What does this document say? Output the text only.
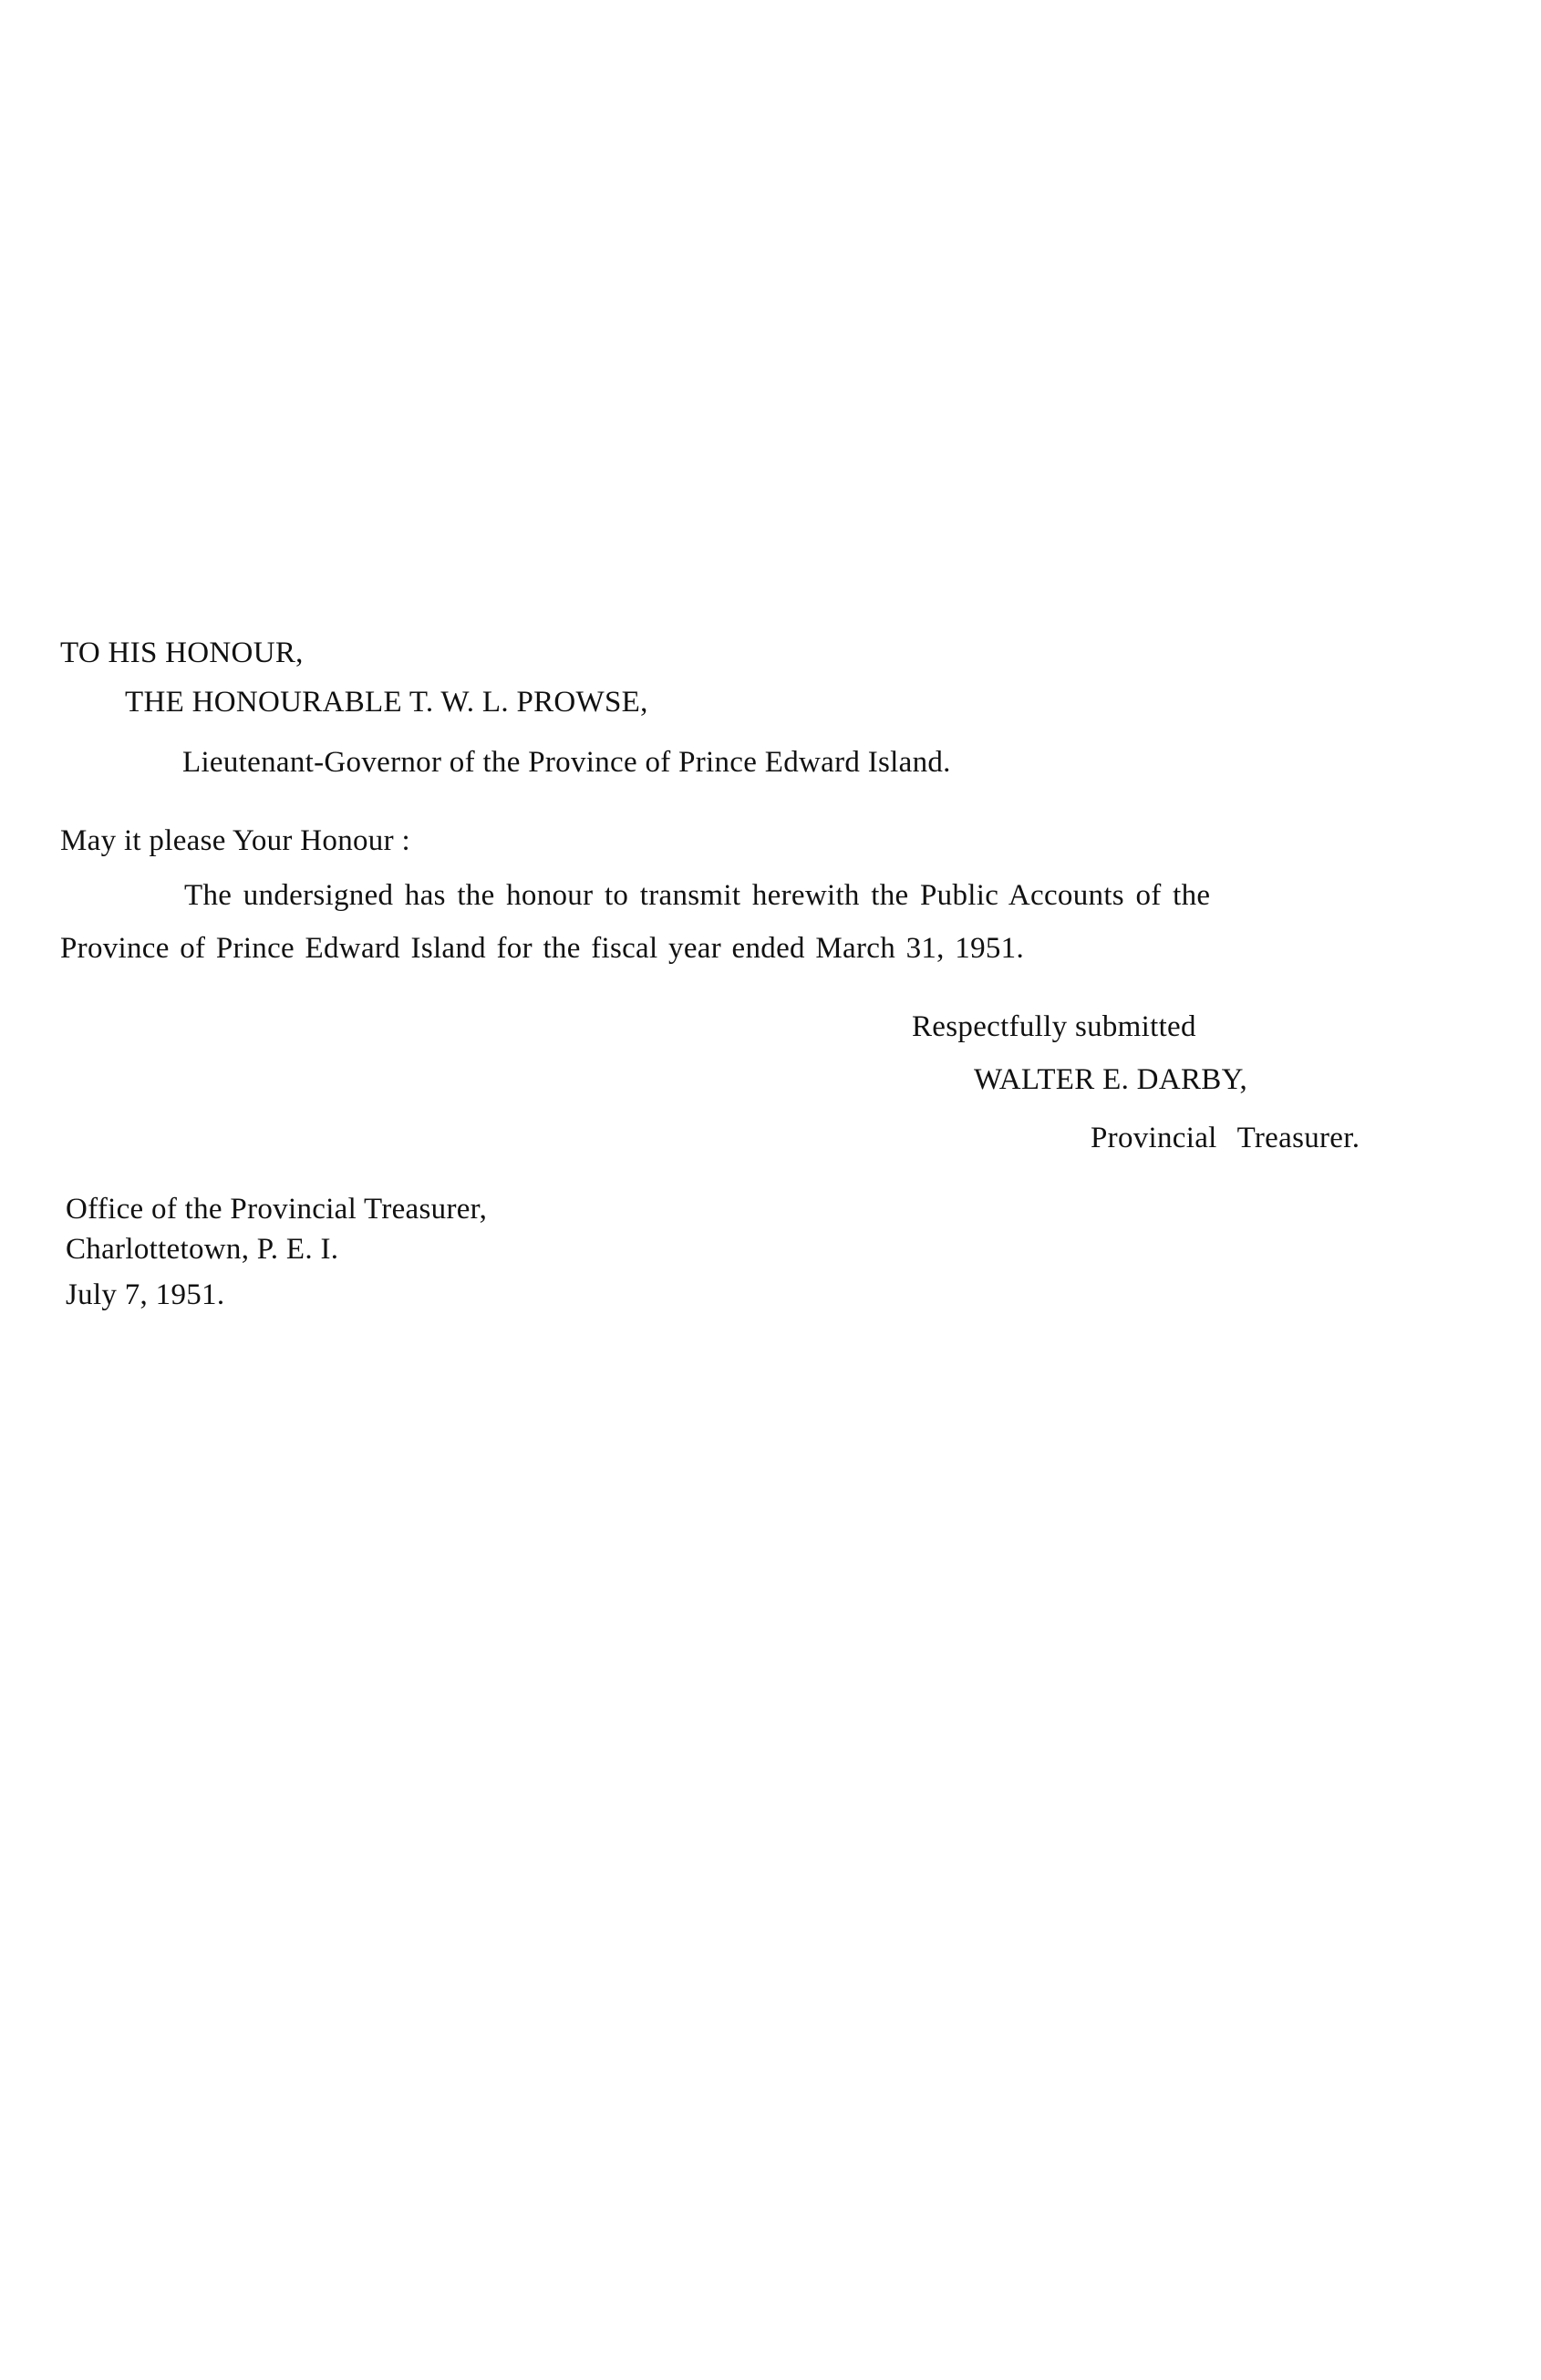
TO HIS HONOUR,
THE HONOURABLE T. W. L. PROWSE,
Lieutenant-Governor of the Province of Prince Edward Island.
May it please Your Honour :
The undersigned has the honour to transmit herewith the Public Accounts of the
Province of Prince Edward Island for the fiscal year ended March 31, 1951.
Respectfully submitted
WALTER E. DARBY,
Provincial Treasurer.
Office of the Provincial Treasurer,
Charlottetown, P. E. I.
July 7, 1951.
